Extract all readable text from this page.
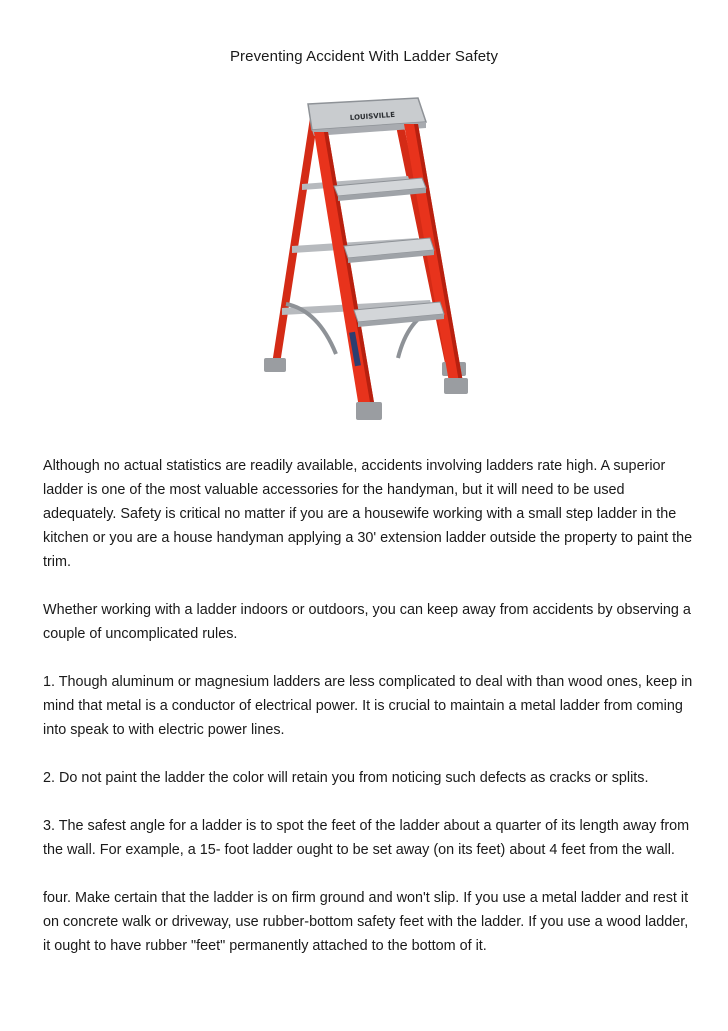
Preventing Accident With Ladder Safety
LOUISVILLE

Although no actual statistics are readily available, accidents involving ladders rate high. A superior ladder is one of the most valuable accessories for the handyman, but it will need to be used adequately. Safety is critical no matter if you are a housewife working with a small step ladder in the kitchen or you are a house handyman applying a 30' extension ladder outside the property to paint the trim.

Whether working with a ladder indoors or outdoors, you can keep away from accidents by observing a couple of uncomplicated rules.

1. Though aluminum or magnesium ladders are less complicated to deal with than wood ones, keep in mind that metal is a conductor of electrical power. It is crucial to maintain a metal ladder from coming into speak to with electric power lines.

2. Do not paint the ladder the color will retain you from noticing such defects as cracks or splits.

3. The safest angle for a ladder is to spot the feet of the ladder about a quarter of its length away from the wall. For example, a 15- foot ladder ought to be set away (on its feet) about 4 feet from the wall.

four. Make certain that the ladder is on firm ground and won't slip. If you use a metal ladder and rest it on concrete walk or driveway, use rubber-bottom safety feet with the ladder. If you use a wood ladder, it ought to have rubber "feet" permanently attached to the bottom of it.
